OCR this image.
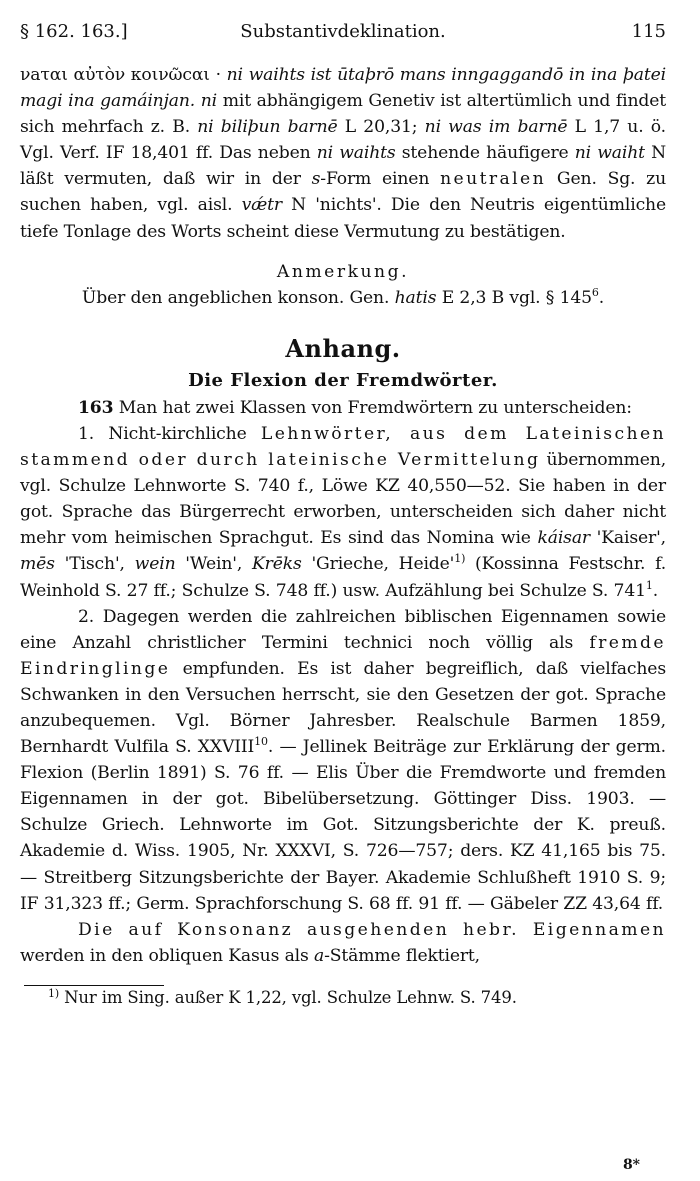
§ 162. 163.]	Substantivdeklination.	115

νaται αὐτὸν κοινῶcαι · ni waihts ist ūtaþrō mans inngaggandō in ina þatei magi ina gamáinjan. ni mit abhängigem Genetiv ist altertümlich und findet sich mehrfach z. B. ni biliþun barnē L 20,31; ni was im barnē L 1,7 u. ö. Vgl. Verf. IF 18,401 ff. Das neben ni waihts stehende häufigere ni waiht N läßt vermuten, daß wir in der s-Form einen neutralen Gen. Sg. zu suchen haben, vgl. aisl. vǽtr N 'nichts'. Die den Neutris eigentümliche tiefe Tonlage des Worts scheint diese Vermutung zu bestätigen.

Anmerkung.

Über den angeblichen konson. Gen. hatis E 2,3 B vgl. § $145^6$.

Anhang.

Die Flexion der Fremdwörter.

163 Man hat zwei Klassen von Fremdwörtern zu unterscheiden:

1. Nicht-kirchliche Lehnwörter, aus dem Lateinischen stammend oder durch lateinische Vermittelung übernommen, vgl. Schulze Lehnworte S. 740 f., Löwe KZ 40,550—52. Sie haben in der got. Sprache das Bürgerrecht erworben, unterscheiden sich daher nicht mehr vom heimischen Sprachgut. Es sind das Nomina wie káisar 'Kaiser', mēs 'Tisch', wein 'Wein', Krēks 'Grieche, $Heide'^{1)}$ (Kossinna Festschr. f. Weinhold S. 27 ff.; Schulze S. 748 ff.) usw. Aufzählung bei Schulze S. $741^1$.

2. Dagegen werden die zahlreichen biblischen Eigennamen sowie eine Anzahl christlicher Termini technici noch völlig als fremde Eindringlinge empfunden. Es ist daher begreiflich, daß vielfaches Schwanken in den Versuchen herrscht, sie den Gesetzen der got. Sprache anzubequemen. Vgl. Börner Jahresber. Realschule Barmen 1859, Bernhardt Vulfila S. XXVIII$^{10}$. — Jellinek Beiträge zur Erklärung der germ. Flexion (Berlin 1891) S. 76 ff. — Elis Über die Fremdworte und fremden Eigennamen in der got. Bibelübersetzung. Göttinger Diss. 1903. — Schulze Griech. Lehnworte im Got. Sitzungsberichte der K. preuß. Akademie d. Wiss. 1905, Nr. XXXVI, S. 726—757; ders. KZ 41,165 bis 75. — Streitberg Sitzungsberichte der Bayer. Akademie Schlußheft 1910 S. 9; IF 31,323 ff.; Germ. Sprachforschung S. 68 ff. 91 ff. — Gäbeler ZZ 43,64 ff.

Die auf Konsonanz ausgehenden hebr. Eigennamen werden in den obliquen Kasus als a-Stämme flektiert,

$^{1)}$ Nur im Sing. außer K 1,22, vgl. Schulze Lehnw. S. 749.

8*
